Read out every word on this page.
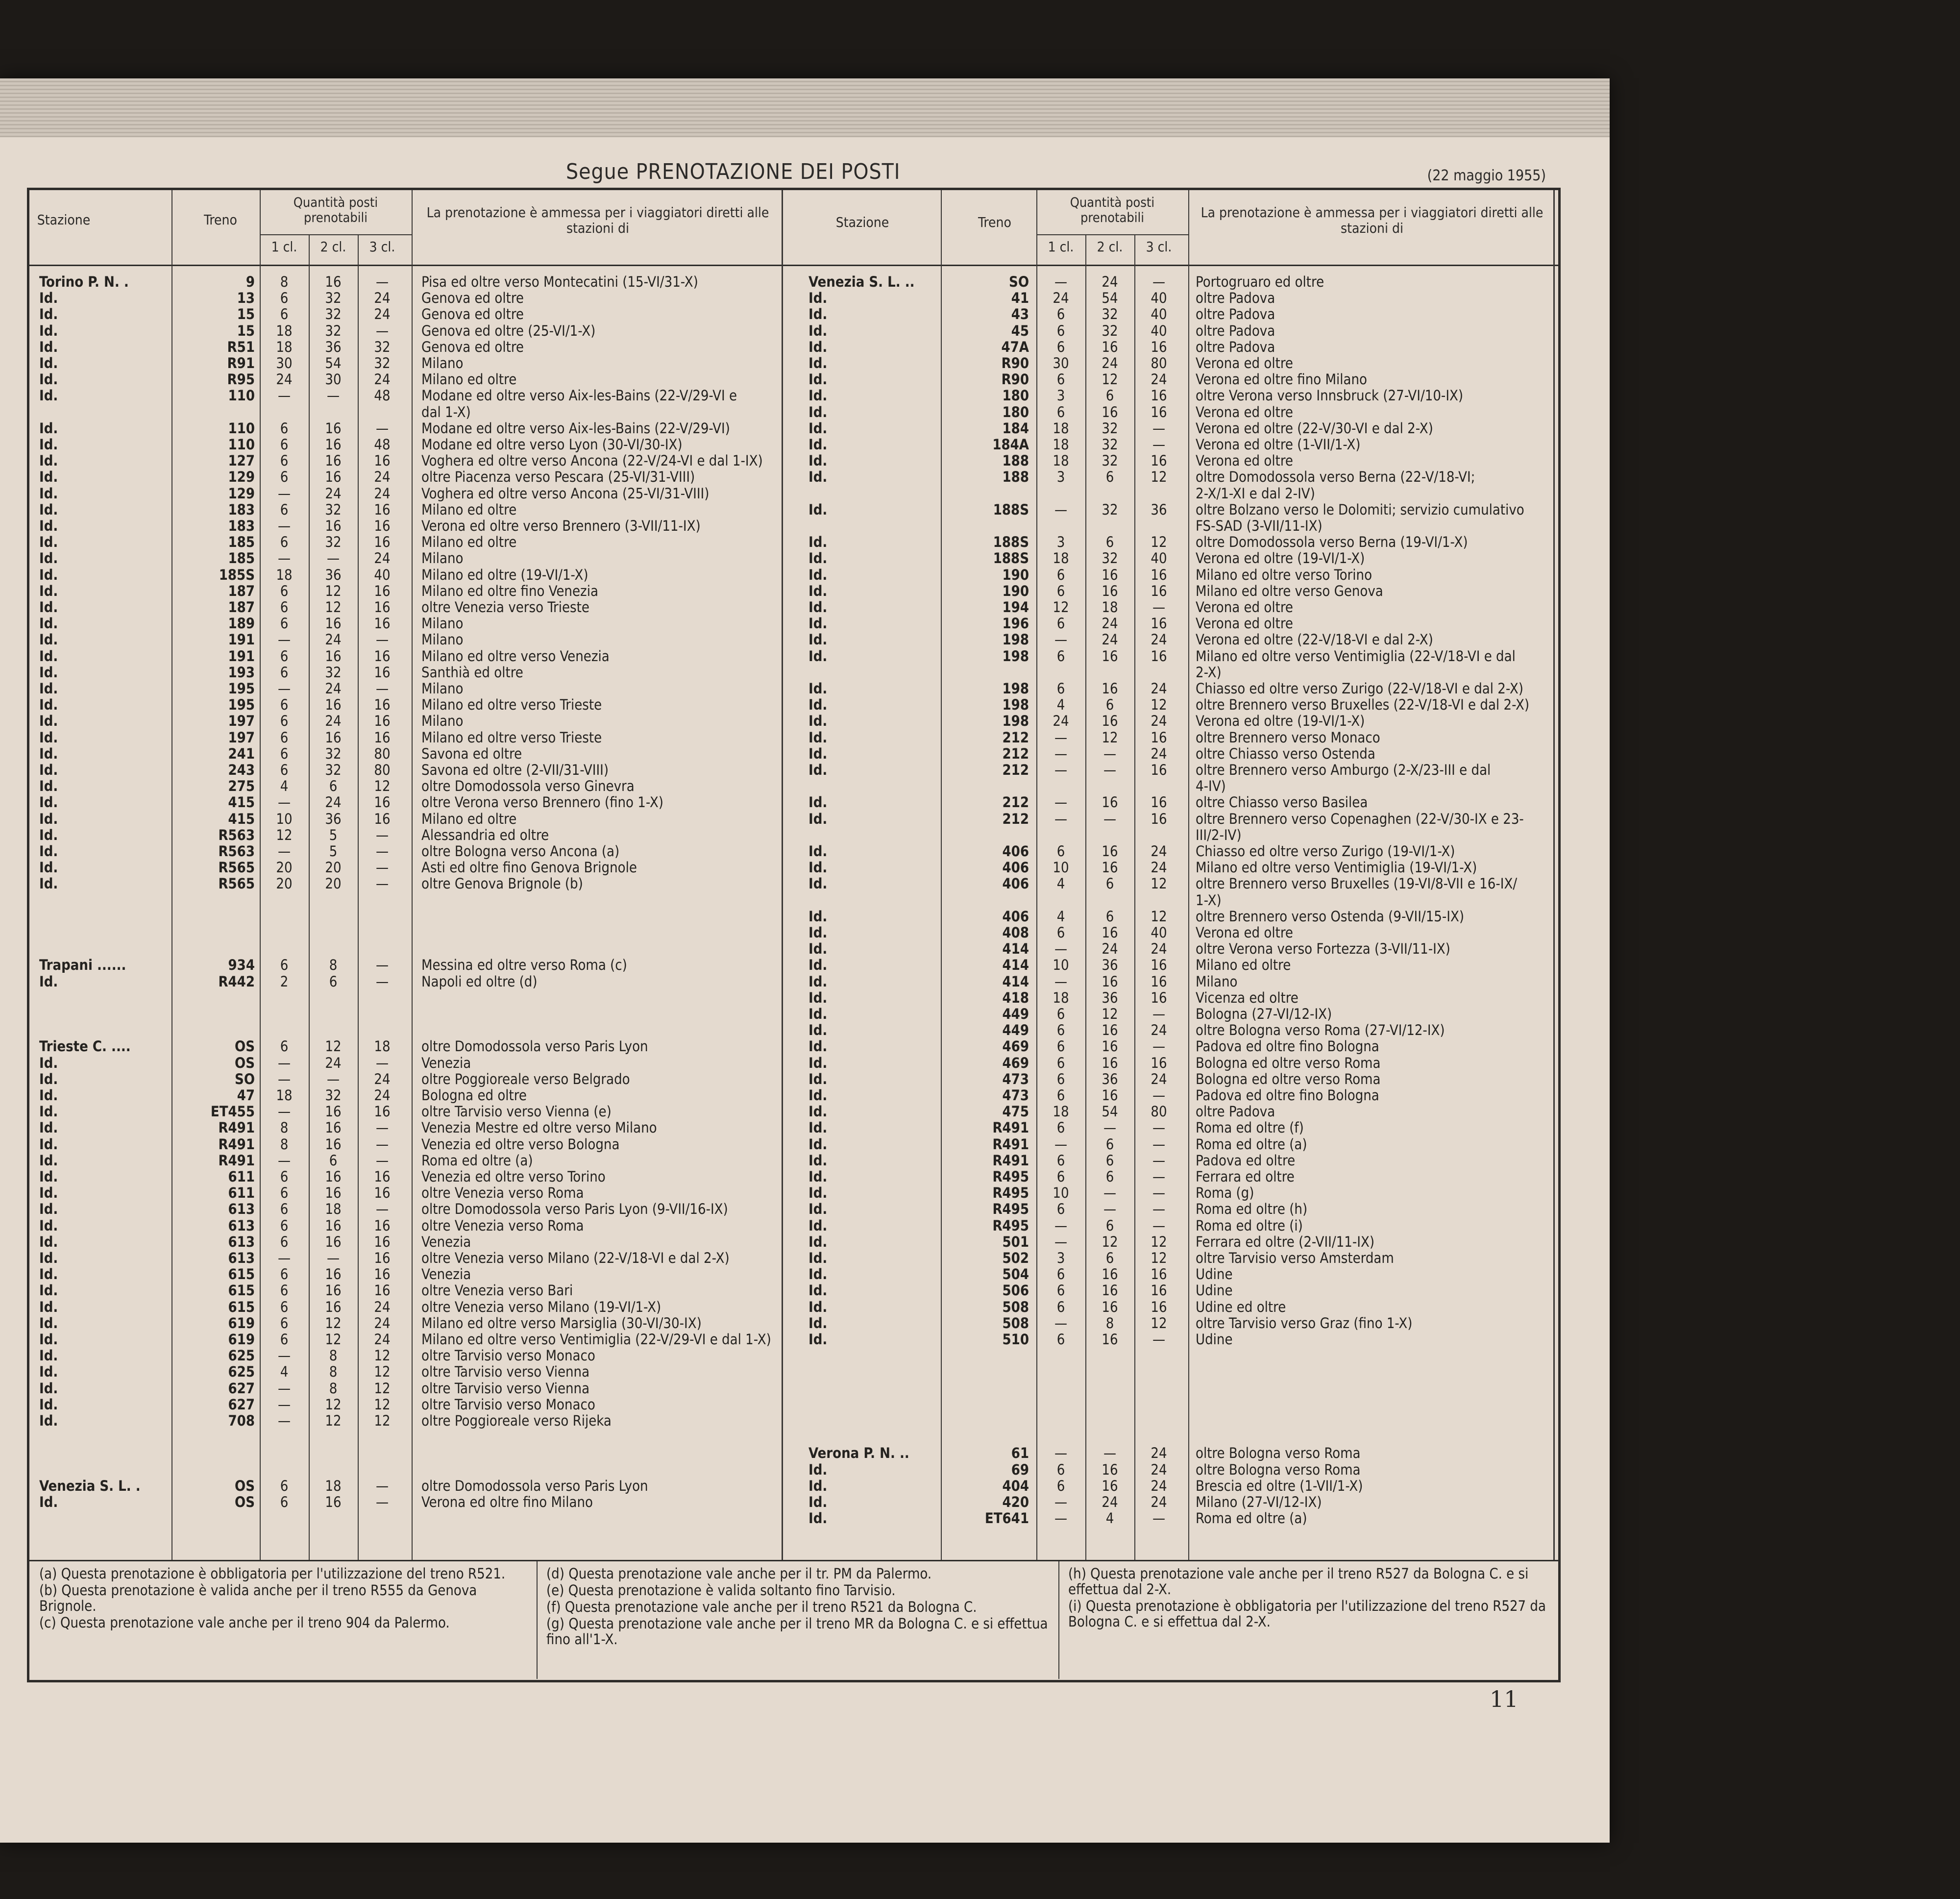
Segue PRENOTAZIONE DEI POSTI	(22 maggio 1955)
Stazione	Treno
Quantità posti prenotabili
1 cl.	2 cl.	3 cl.
La prenotazione è ammessa per i viaggiatori diretti alle stazioni di	Stazione	Treno
Quantità posti prenotabili
1 cl.	2 cl.	3 cl.
La prenotazione è ammessa per i viaggiatori diretti alle stazioni di
Torino P. N. .	9	8	16	—	Pisa ed oltre verso Montecatini (15-VI/31-X)
Id.	13	6	32	24	Genova ed oltre
Id.	15	6	32	24	Genova ed oltre
Id.	15	18	32	—	Genova ed oltre (25-VI/1-X)
Id.	R51	18	36	32	Genova ed oltre
Id.	R91	30	54	32	Milano
Id.	R95	24	30	24	Milano ed oltre
Id.	110	—	—	48	Modane ed oltre verso Aix-les-Bains (22-V/29-VI e
dal 1-X)
Id.	110	6	16	—	Modane ed oltre verso Aix-les-Bains (22-V/29-VI)
Id.	110	6	16	48	Modane ed oltre verso Lyon (30-VI/30-IX)
Id.	127	6	16	16	Voghera ed oltre verso Ancona (22-V/24-VI e dal 1-IX)
Id.	129	6	16	24	oltre Piacenza verso Pescara (25-VI/31-VIII)
Id.	129	—	24	24	Voghera ed oltre verso Ancona (25-VI/31-VIII)
Id.	183	6	32	16	Milano ed oltre
Id.	183	—	16	16	Verona ed oltre verso Brennero (3-VII/11-IX)
Id.	185	6	32	16	Milano ed oltre
Id.	185	—	—	24	Milano
Id.	185S	18	36	40	Milano ed oltre (19-VI/1-X)
Id.	187	6	12	16	Milano ed oltre fino Venezia
Id.	187	6	12	16	oltre Venezia verso Trieste
Id.	189	6	16	16	Milano
Id.	191	—	24	—	Milano
Id.	191	6	16	16	Milano ed oltre verso Venezia
Id.	193	6	32	16	Santhià ed oltre
Id.	195	—	24	—	Milano
Id.	195	6	16	16	Milano ed oltre verso Trieste
Id.	197	6	24	16	Milano
Id.	197	6	16	16	Milano ed oltre verso Trieste
Id.	241	6	32	80	Savona ed oltre
Id.	243	6	32	80	Savona ed oltre (2-VII/31-VIII)
Id.	275	4	6	12	oltre Domodossola verso Ginevra
Id.	415	—	24	16	oltre Verona verso Brennero (fino 1-X)
Id.	415	10	36	16	Milano ed oltre
Id.	R563	12	5	—	Alessandria ed oltre
Id.	R563	—	5	—	oltre Bologna verso Ancona (a)
Id.	R565	20	20	—	Asti ed oltre fino Genova Brignole
Id.	R565	20	20	—	oltre Genova Brignole (b)
Trapani ......	934	6	8	—	Messina ed oltre verso Roma (c)
Id.	R442	2	6	—	Napoli ed oltre (d)
Trieste C. ....	OS	6	12	18	oltre Domodossola verso Paris Lyon
Id.	OS	—	24	—	Venezia
Id.	SO	—	—	24	oltre Poggioreale verso Belgrado
Id.	47	18	32	24	Bologna ed oltre
Id.	ET455	—	16	16	oltre Tarvisio verso Vienna (e)
Id.	R491	8	16	—	Venezia Mestre ed oltre verso Milano
Id.	R491	8	16	—	Venezia ed oltre verso Bologna
Id.	R491	—	6	—	Roma ed oltre (a)
Id.	611	6	16	16	Venezia ed oltre verso Torino
Id.	611	6	16	16	oltre Venezia verso Roma
Id.	613	6	18	—	oltre Domodossola verso Paris Lyon (9-VII/16-IX)
Id.	613	6	16	16	oltre Venezia verso Roma
Id.	613	6	16	16	Venezia
Id.	613	—	—	16	oltre Venezia verso Milano (22-V/18-VI e dal 2-X)
Id.	615	6	16	16	Venezia
Id.	615	6	16	16	oltre Venezia verso Bari
Id.	615	6	16	24	oltre Venezia verso Milano (19-VI/1-X)
Id.	619	6	12	24	Milano ed oltre verso Marsiglia (30-VI/30-IX)
Id.	619	6	12	24	Milano ed oltre verso Ventimiglia (22-V/29-VI e dal 1-X)
Id.	625	—	8	12	oltre Tarvisio verso Monaco
Id.	625	4	8	12	oltre Tarvisio verso Vienna
Id.	627	—	8	12	oltre Tarvisio verso Vienna
Id.	627	—	12	12	oltre Tarvisio verso Monaco
Id.	708	—	12	12	oltre Poggioreale verso Rijeka
Venezia S. L. .	OS	6	18	—	oltre Domodossola verso Paris Lyon
Id.	OS	6	16	—	Verona ed oltre fino Milano
Venezia S. L. ..	SO	—	24	—	Portogruaro ed oltre
Id.	41	24	54	40	oltre Padova
Id.	43	6	32	40	oltre Padova
Id.	45	6	32	40	oltre Padova
Id.	47A	6	16	16	oltre Padova
Id.	R90	30	24	80	Verona ed oltre
Id.	R90	6	12	24	Verona ed oltre fino Milano
Id.	180	3	6	16	oltre Verona verso Innsbruck (27-VI/10-IX)
Id.	180	6	16	16	Verona ed oltre
Id.	184	18	32	—	Verona ed oltre (22-V/30-VI e dal 2-X)
Id.	184A	18	32	—	Verona ed oltre (1-VII/1-X)
Id.	188	18	32	16	Verona ed oltre
Id.	188	3	6	12	oltre Domodossola verso Berna (22-V/18-VI;
2-X/1-XI e dal 2-IV)
Id.	188S	—	32	36	oltre Bolzano verso le Dolomiti; servizio cumulativo
FS-SAD (3-VII/11-IX)
Id.	188S	3	6	12	oltre Domodossola verso Berna (19-VI/1-X)
Id.	188S	18	32	40	Verona ed oltre (19-VI/1-X)
Id.	190	6	16	16	Milano ed oltre verso Torino
Id.	190	6	16	16	Milano ed oltre verso Genova
Id.	194	12	18	—	Verona ed oltre
Id.	196	6	24	16	Verona ed oltre
Id.	198	—	24	24	Verona ed oltre (22-V/18-VI e dal 2-X)
Id.	198	6	16	16	Milano ed oltre verso Ventimiglia (22-V/18-VI e dal
2-X)
Id.	198	6	16	24	Chiasso ed oltre verso Zurigo (22-V/18-VI e dal 2-X)
Id.	198	4	6	12	oltre Brennero verso Bruxelles (22-V/18-VI e dal 2-X)
Id.	198	24	16	24	Verona ed oltre (19-VI/1-X)
Id.	212	—	12	16	oltre Brennero verso Monaco
Id.	212	—	—	24	oltre Chiasso verso Ostenda
Id.	212	—	—	16	oltre Brennero verso Amburgo (2-X/23-III e dal
4-IV)
Id.	212	—	16	16	oltre Chiasso verso Basilea
Id.	212	—	—	16	oltre Brennero verso Copenaghen (22-V/30-IX e 23-
III/2-IV)
Id.	406	6	16	24	Chiasso ed oltre verso Zurigo (19-VI/1-X)
Id.	406	10	16	24	Milano ed oltre verso Ventimiglia (19-VI/1-X)
Id.	406	4	6	12	oltre Brennero verso Bruxelles (19-VI/8-VII e 16-IX/
1-X)
Id.	406	4	6	12	oltre Brennero verso Ostenda (9-VII/15-IX)
Id.	408	6	16	40	Verona ed oltre
Id.	414	—	24	24	oltre Verona verso Fortezza (3-VII/11-IX)
Id.	414	10	36	16	Milano ed oltre
Id.	414	—	16	16	Milano
Id.	418	18	36	16	Vicenza ed oltre
Id.	449	6	12	—	Bologna (27-VI/12-IX)
Id.	449	6	16	24	oltre Bologna verso Roma (27-VI/12-IX)
Id.	469	6	16	—	Padova ed oltre fino Bologna
Id.	469	6	16	16	Bologna ed oltre verso Roma
Id.	473	6	36	24	Bologna ed oltre verso Roma
Id.	473	6	16	—	Padova ed oltre fino Bologna
Id.	475	18	54	80	oltre Padova
Id.	R491	6	—	—	Roma ed oltre (f)
Id.	R491	—	6	—	Roma ed oltre (a)
Id.	R491	6	6	—	Padova ed oltre
Id.	R495	6	6	—	Ferrara ed oltre
Id.	R495	10	—	—	Roma (g)
Id.	R495	6	—	—	Roma ed oltre (h)
Id.	R495	—	6	—	Roma ed oltre (i)
Id.	501	—	12	12	Ferrara ed oltre (2-VII/11-IX)
Id.	502	3	6	12	oltre Tarvisio verso Amsterdam
Id.	504	6	16	16	Udine
Id.	506	6	16	16	Udine
Id.	508	6	16	16	Udine ed oltre
Id.	508	—	8	12	oltre Tarvisio verso Graz (fino 1-X)
Id.	510	6	16	—	Udine
Verona P. N. ..	61	—	—	24	oltre Bologna verso Roma
Id.	69	6	16	24	oltre Bologna verso Roma
Id.	404	6	16	24	Brescia ed oltre (1-VII/1-X)
Id.	420	—	24	24	Milano (27-VI/12-IX)
Id.	ET641	—	4	—	Roma ed oltre (a)
(a) Questa prenotazione è obbligatoria per l'utilizzazione del treno R521.
(b) Questa prenotazione è valida anche per il treno R555 da Genova Brignole.
(c) Questa prenotazione vale anche per il treno 904 da Palermo.
(d) Questa prenotazione vale anche per il tr. PM da Palermo.
(e) Questa prenotazione è valida soltanto fino Tarvisio.
(f) Questa prenotazione vale anche per il treno R521 da Bologna C.
(g) Questa prenotazione vale anche per il treno MR da Bologna C. e si effettua fino all'1-X.
(h) Questa prenotazione vale anche per il treno R527 da Bologna C. e si effettua dal 2-X.
(i) Questa prenotazione è obbligatoria per l'utilizzazione del treno R527 da Bologna C. e si effettua dal 2-X.
11
